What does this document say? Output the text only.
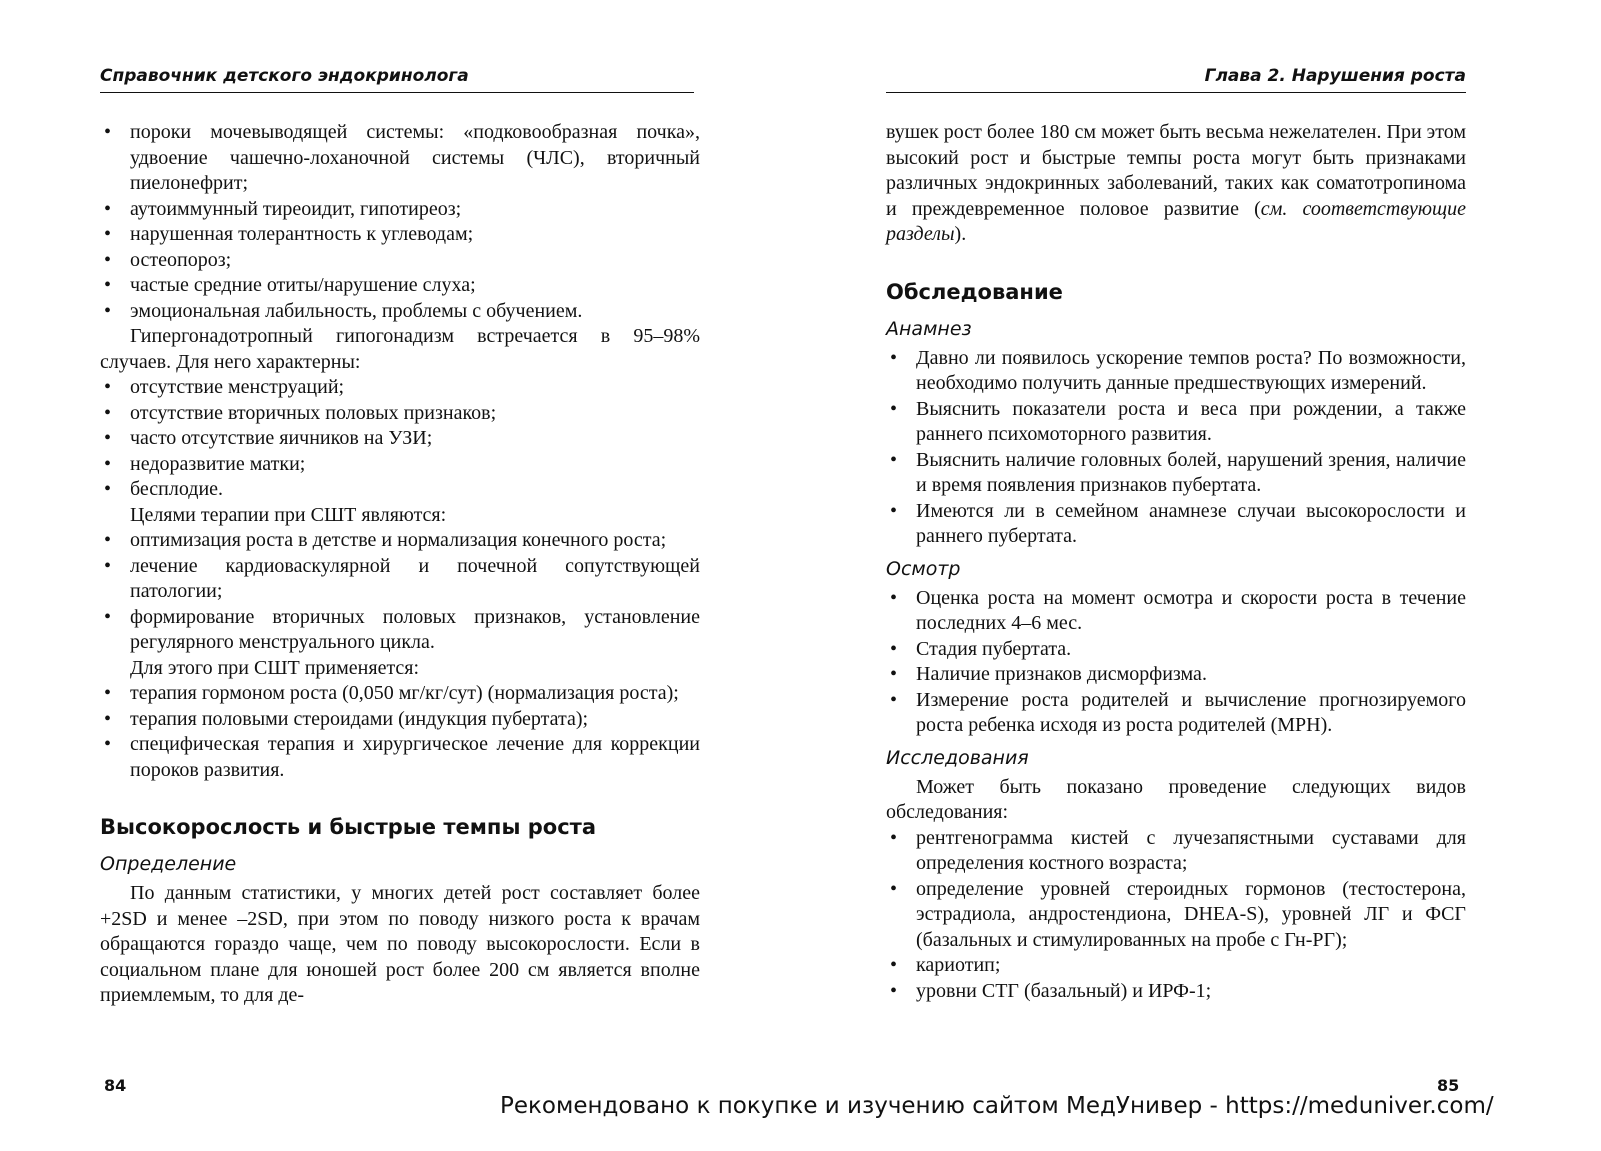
Справочник детского эндокринолога
• пороки мочевыводящей системы: «подковообразная почка», удвоение чашечно-лоханочной системы (ЧЛС), вторичный пиелонефрит;
• аутоиммунный тиреоидит, гипотиреоз;
• нарушенная толерантность к углеводам;
• остеопороз;
• частые средние отиты/нарушение слуха;
• эмоциональная лабильность, проблемы с обучением.

Гипергонадотропный гипогонадизм встречается в 95–98% случаев. Для него характерны:

• отсутствие менструаций;
• отсутствие вторичных половых признаков;
• часто отсутствие яичников на УЗИ;
• недоразвитие матки;
• бесплодие.

Целями терапии при СШТ являются:

• оптимизация роста в детстве и нормализация конечного роста;
• лечение кардиоваскулярной и почечной сопутствующей патологии;
• формирование вторичных половых признаков, установление регулярного менструального цикла.

Для этого при СШТ применяется:

• терапия гормоном роста (0,050 мг/кг/сут) (нормализация роста);
• терапия половыми стероидами (индукция пубертата);
• специфическая терапия и хирургическое лечение для коррекции пороков развития.
Высокорослость и быстрые темпы роста
Определение

По данным статистики, у многих детей рост составляет более +2SD и менее –2SD, при этом по поводу низкого роста к врачам обращаются гораздо чаще, чем по поводу высокорослости. Если в социальном плане для юношей рост более 200 см является вполне приемлемым, то для де-

84
Глава 2. Нарушения роста

вушек рост более 180 см может быть весьма нежелателен. При этом высокий рост и быстрые темпы роста могут быть признаками различных эндокринных заболеваний, таких как соматотропинома и преждевременное половое развитие (см. соответствующие разделы).

Обследование
Анамнез
• Давно ли появилось ускорение темпов роста? По возможности, необходимо получить данные предшествующих измерений.
• Выяснить показатели роста и веса при рождении, а также раннего психомоторного развития.
• Выяснить наличие головных болей, нарушений зрения, наличие и время появления признаков пубертата.
• Имеются ли в семейном анамнезе случаи высокорослости и раннего пубертата.
Осмотр
• Оценка роста на момент осмотра и скорости роста в течение последних 4–6 мес.
• Стадия пубертата.
• Наличие признаков дисморфизма.
• Измерение роста родителей и вычисление прогнозируемого роста ребенка исходя из роста родителей (МРН).
Исследования

Может быть показано проведение следующих видов обследования:

• рентгенограмма кистей с лучезапястными суставами для определения костного возраста;
• определение уровней стероидных гормонов (тестостерона, эстрадиола, андростендиона, DHEA-S), уровней ЛГ и ФСГ (базальных и стимулированных на пробе с Гн-РГ);
• кариотип;
• уровни СТГ (базальный) и ИРФ-1;
85
Рекомендовано к покупке и изучению сайтом МедУнивер - https://meduniver.com/
